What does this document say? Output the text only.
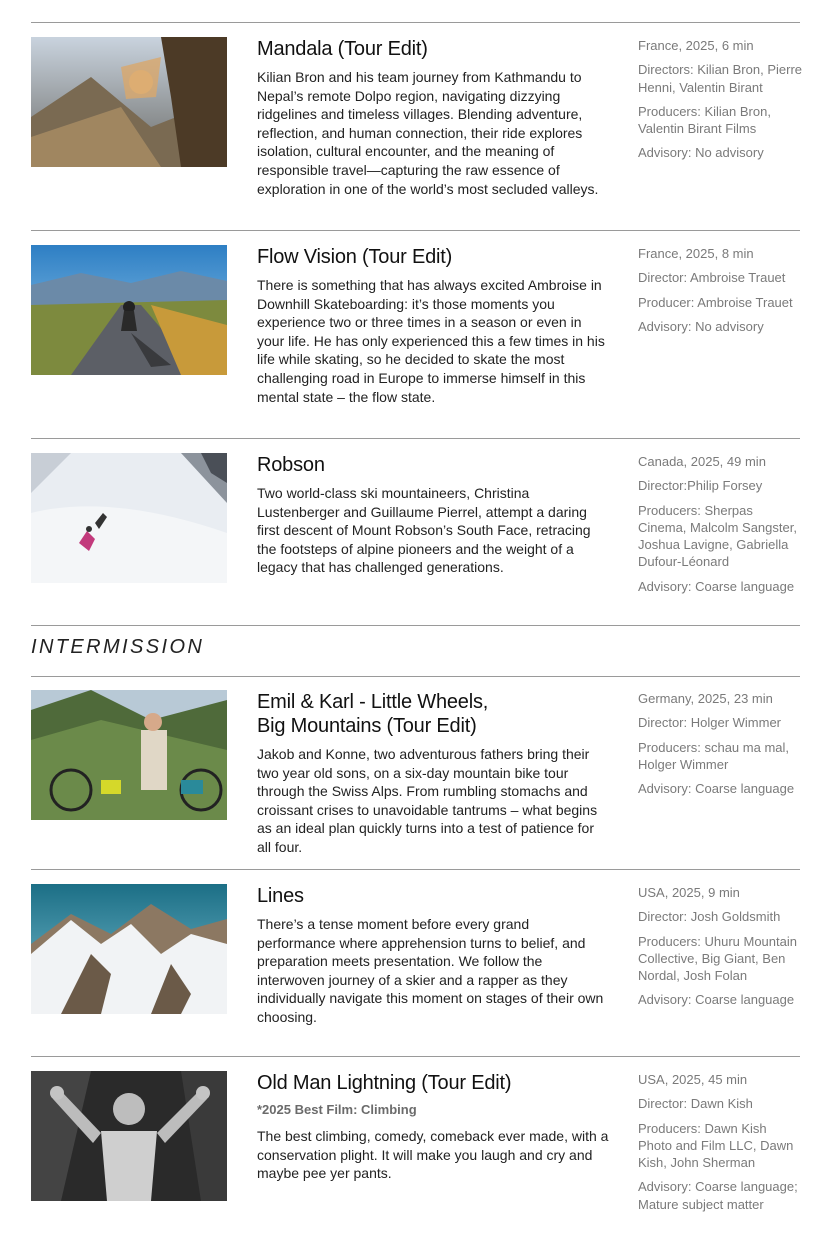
Mandala (Tour Edit)

Kilian Bron and his team journey from Kathmandu to Nepal’s remote Dolpo region, navigating dizzying ridgelines and timeless villages. Blending adventure, reflection, and human connection, their ride explores isolation, cultural encounter, and the meaning of responsible travel—capturing the raw essence of exploration in one of the world’s most secluded valleys.

France, 2025, 6 min
Directors: Kilian Bron, Pierre Henni, Valentin Birant
Producers: Kilian Bron, Valentin Birant Films
Advisory: No advisory
Flow Vision (Tour Edit)

There is something that has always excited Ambroise in Downhill Skateboarding: it’s those moments you experience two or three times in a season or even in your life. He has only experienced this a few times in his life while skating, so he decided to skate the most challenging road in Europe to immerse himself in this mental state – the flow state.

France, 2025, 8 min
Director: Ambroise Trauet
Producer: Ambroise Trauet
Advisory: No advisory
Robson

Two world-class ski mountaineers, Christina Lustenberger and Guillaume Pierrel, attempt a daring first descent of Mount Robson’s South Face, retracing the footsteps of alpine pioneers and the weight of a legacy that has challenged generations.

Canada, 2025, 49 min
Director:Philip Forsey
Producers: Sherpas Cinema, Malcolm Sangster, Joshua Lavigne, Gabriella Dufour-Léonard
Advisory: Coarse language
INTERMISSION
Emil & Karl - Little Wheels, Big Mountains (Tour Edit)

Jakob and Konne, two adventurous fathers bring their two year old sons, on a six-day mountain bike tour through the Swiss Alps. From rumbling stomachs and croissant crises to unavoidable tantrums – what begins as an ideal plan quickly turns into a test of patience for all four.

Germany, 2025, 23 min
Director: Holger Wimmer
Producers: schau ma mal, Holger Wimmer
Advisory: Coarse language
Lines

There’s a tense moment before every grand performance where apprehension turns to belief, and preparation meets presentation. We follow the interwoven journey of a skier and a rapper as they individually navigate this moment on stages of their own choosing.

USA, 2025, 9 min
Director: Josh Goldsmith
Producers: Uhuru Mountain Collective, Big Giant, Ben Nordal, Josh Folan
Advisory: Coarse language
Old Man Lightning (Tour Edit)
*2025 Best Film: Climbing

The best climbing, comedy, comeback ever made, with a conservation plight. It will make you laugh and cry and maybe pee yer pants.

USA, 2025, 45 min
Director: Dawn Kish
Producers: Dawn Kish Photo and Film LLC, Dawn Kish, John Sherman
Advisory: Coarse language; Mature subject matter
